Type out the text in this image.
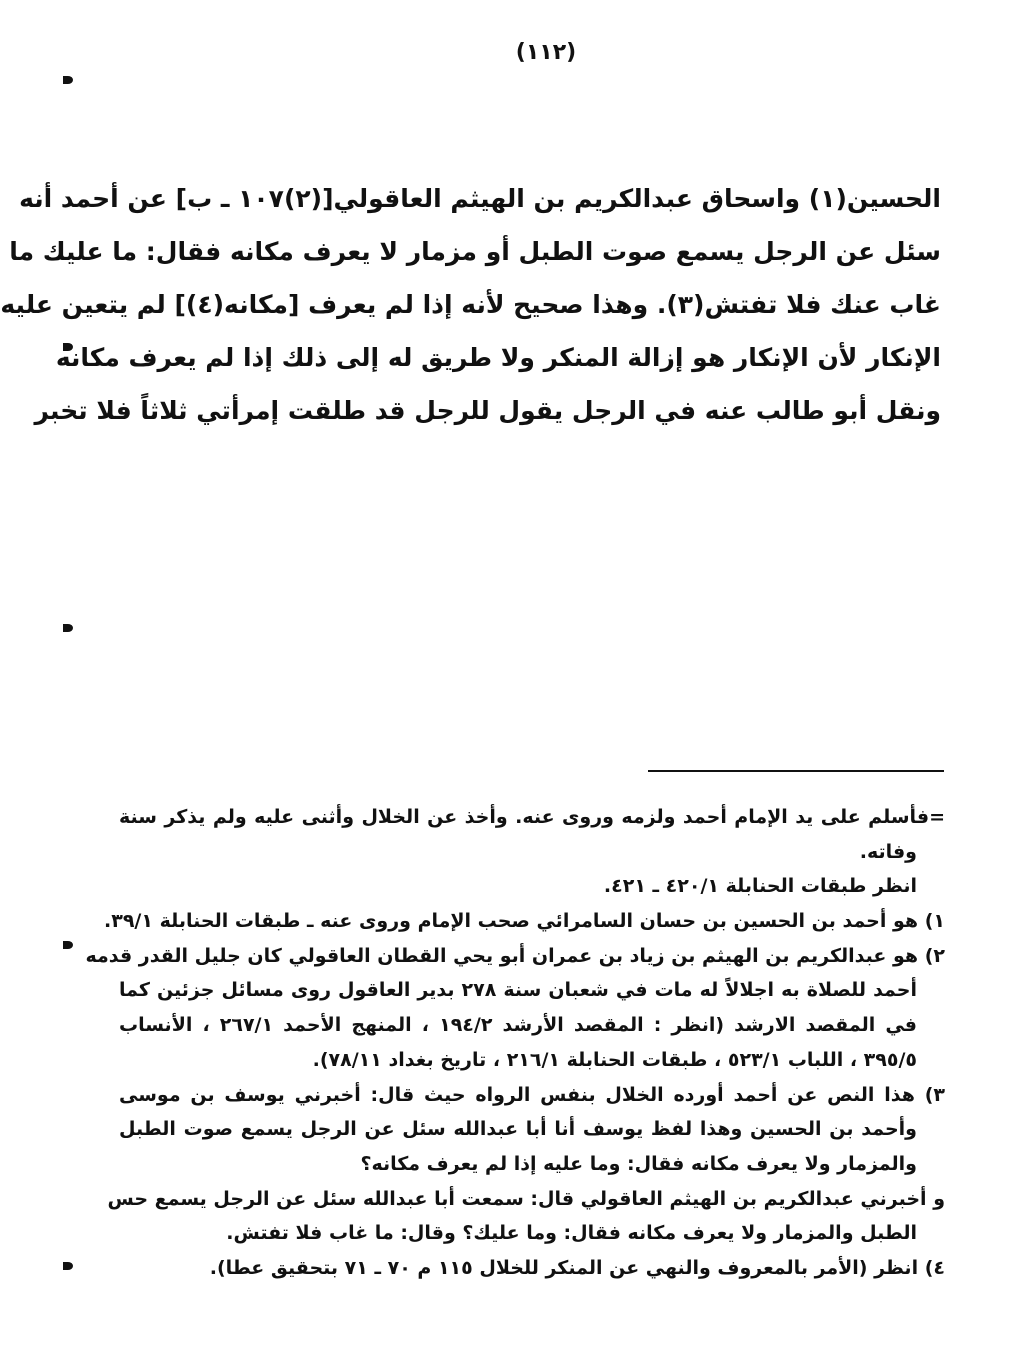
(١١٢)
الحسين(١) واسحاق عبدالكريم بن الهيثم العاقولي[(٢)١٠٧ ـ ب] عن أحمد أنه
سئل عن الرجل يسمع صوت الطبل أو مزمار لا يعرف مكانه فقال: ما عليك ما
غاب عنك فلا تفتش(٣). وهذا صحيح لأنه إذا لم يعرف [مكانه(٤)] لم يتعين عليه
الإنكار لأن الإنكار هو إزالة المنكر ولا طريق له إلى ذلك إذا لم يعرف مكانه
ونقل أبو طالب عنه في الرجل يقول للرجل قد طلقت إمرأتي ثلاثاً فلا تخبر
=فأسلم على يد الإمام أحمد ولزمه وروى عنه. وأخذ عن الخلال وأثنى عليه ولم يذكر سنة
وفاته.
انظر طبقات الحنابلة ٤٢٠/١ ـ ٤٢١.
١) هو أحمد بن الحسين بن حسان السامرائي صحب الإمام وروى عنه ـ طبقات الحنابلة ٣٩/١.
٢) هو عبدالكريم بن الهيثم بن زياد بن عمران أبو يحي القطان العاقولي كان جليل القدر قدمه
أحمد للصلاة به اجلالاً له مات في شعبان سنة ٢٧٨ بدير العاقول روى مسائل جزئين كما
في المقصد الارشد (انظر : المقصد الأرشد ١٩٤/٢ ، المنهج الأحمد ٢٦٧/١ ، الأنساب
٣٩٥/٥ ، اللباب ٥٢٣/١ ، طبقات الحنابلة ٢١٦/١ ، تاريخ بغداد ٧٨/١١).
٣) هذا النص عن أحمد أورده الخلال بنفس الرواه حيث قال: أخبرني يوسف بن موسى
وأحمد بن الحسين وهذا لفظ يوسف أنا أبا عبدالله سئل عن الرجل يسمع صوت الطبل
والمزمار ولا يعرف مكانه فقال: وما عليه إذا لم يعرف مكانه؟
و أخبرني عبدالكريم بن الهيثم العاقولي قال: سمعت أبا عبدالله سئل عن الرجل يسمع حس
الطبل والمزمار ولا يعرف مكانه فقال: وما عليك؟ وقال: ما غاب فلا تفتش.
٤) انظر (الأمر بالمعروف والنهي عن المنكر للخلال ١١٥ م ٧٠ ـ ٧١ بتحقيق عطا).
